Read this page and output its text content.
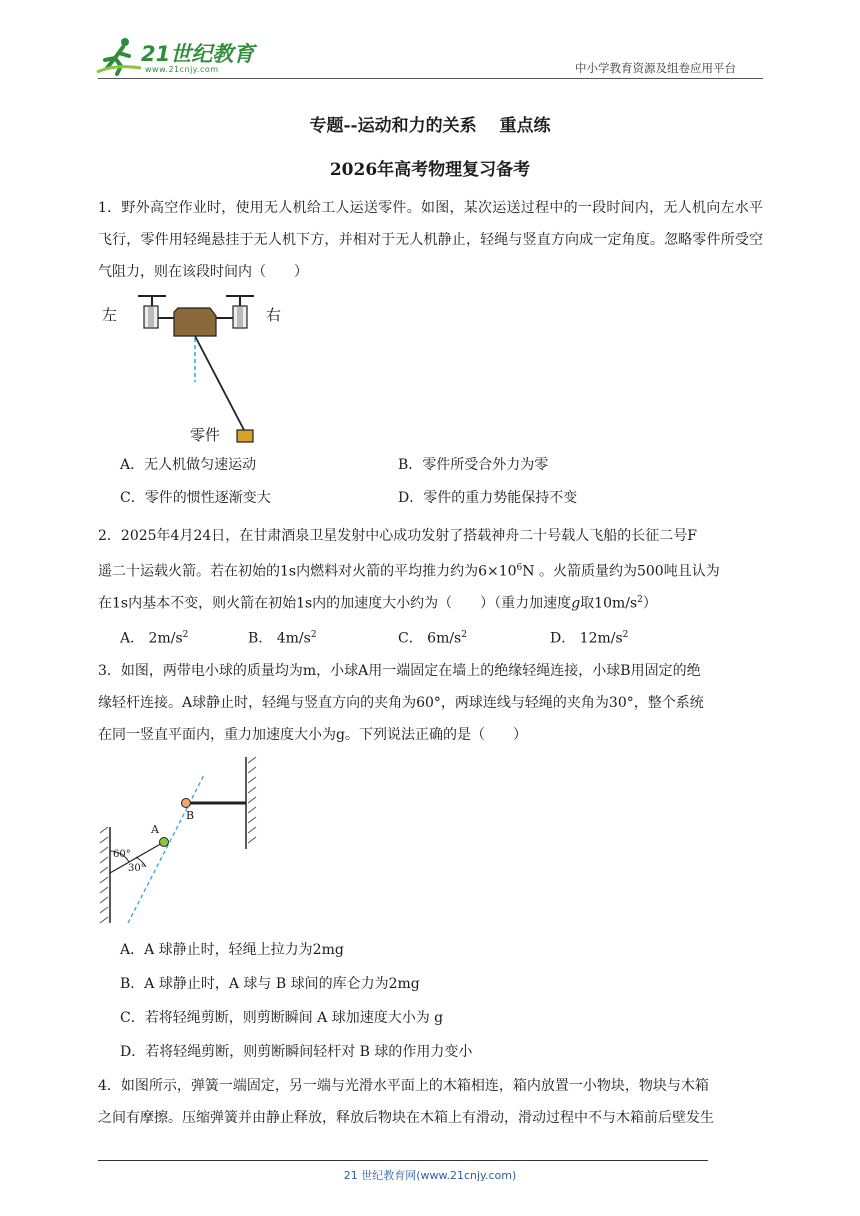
21世纪教育
www.21cnjy.com	中小学教育资源及组卷应用平台
专题--运动和力的关系　 重点练
2026年高考物理复习备考
1．野外高空作业时，使用无人机给工人运送零件。如图，某次运送过程中的一段时间内，无人机向左水平飞行，零件用轻绳悬挂于无人机下方，并相对于无人机静止，轻绳与竖直方向成一定角度。忽略零件所受空气阻力，则在该段时间内（　　）
左	右
零件
A．无人机做匀速运动	B．零件所受合外力为零
C．零件的惯性逐渐变大	D．零件的重力势能保持不变
2．2025年4月24日，在甘肃酒泉卫星发射中心成功发射了搭载神舟二十号载人飞船的长征二号F
遥二十运载火箭。若在初始的1s内燃料对火箭的平均推力约为$6\times 10^6N$ 。火箭质量约为500吨且认为
在1s内基本不变，则火箭在初始1s内的加速度大小约为（　　）（重力加速度g取$10m/s^2$）
A． $2m/s^2$	B． $4m/s^2$	C． $6m/s^2$	D． $12m/s^2$
3．如图，两带电小球的质量均为m，小球A用一端固定在墙上的绝缘轻绳连接，小球B用固定的绝
缘轻杆连接。A球静止时，轻绳与竖直方向的夹角为60°，两球连线与轻绳的夹角为30°，整个系统
在同一竖直平面内，重力加速度大小为g。下列说法正确的是（　　）
A
B
60°
30°
A．A 球静止时，轻绳上拉力为2mg
B．A 球静止时，A 球与 B 球间的库仑力为2mg
C．若将轻绳剪断，则剪断瞬间 A 球加速度大小为 g
D．若将轻绳剪断，则剪断瞬间轻杆对 B 球的作用力变小
4．如图所示，弹簧一端固定，另一端与光滑水平面上的木箱相连，箱内放置一小物块，物块与木箱
之间有摩擦。压缩弹簧并由静止释放，释放后物块在木箱上有滑动，滑动过程中不与木箱前后壁发生
21 世纪教育网(www.21cnjy.com)
